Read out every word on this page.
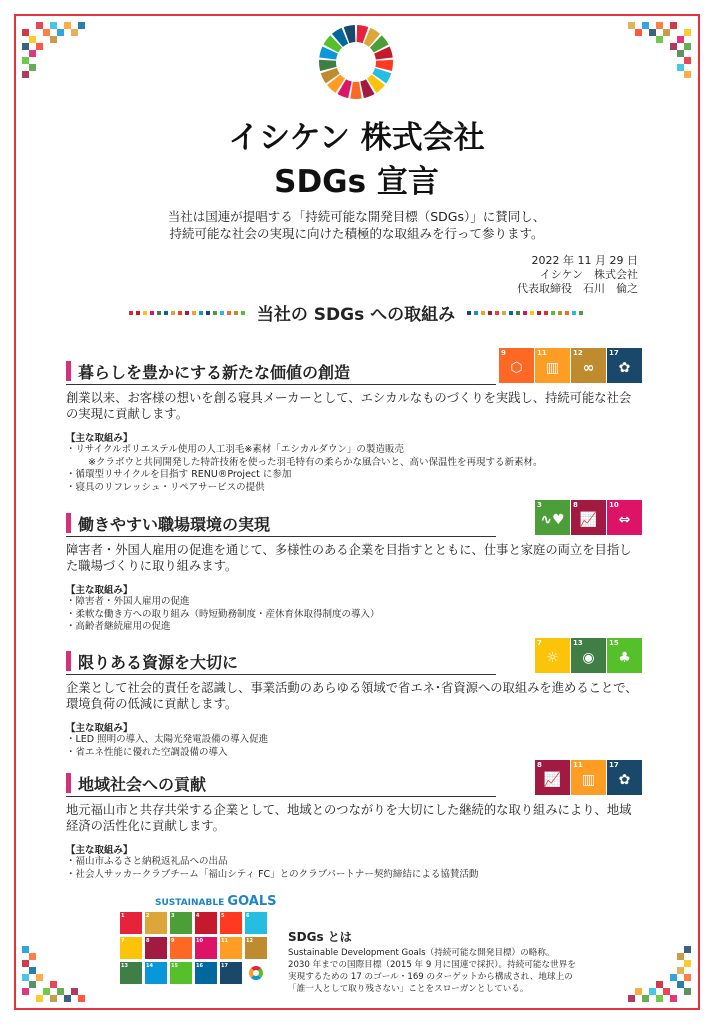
イシケン 株式会社
SDGs 宣言
当社は国連が提唱する「持続可能な開発目標（SDGs）」に賛同し、
持続可能な社会の実現に向けた積極的な取組みを行って参ります。
2022 年 11 月 29 日
イシケン　株式会社
代表取締役　石川　倫之
当社の SDGs への取組み
暮らしを豊かにする新たな価値の創造
9
⬡
11
▥
12
∞
17
✿
創業以来、お客様の想いを創る寝具メーカーとして、エシカルなものづくりを実践し、持続可能な社会の実現に貢献します。
【主な取組み】
・リサイクルポリエステル使用の人工羽毛※素材「エシカルダウン」の製造販売
※クラボウと共同開発した特許技術を使った羽毛特有の柔らかな風合いと、高い保温性を再現する新素材。
・循環型リサイクルを目指す RENU®Project に参加
・寝具のリフレッシュ・リペアサービスの提供
働きやすい職場環境の実現
3
∿♥
8
📈
10
⇔
障害者・外国人雇用の促進を通じて、多様性のある企業を目指すとともに、仕事と家庭の両立を目指した職場づくりに取り組みます。
【主な取組み】
・障害者・外国人雇用の促進
・柔軟な働き方への取り組み（時短勤務制度・産休育休取得制度の導入）
・高齢者継続雇用の促進
限りある資源を大切に
7
☼
13
◉
15
♣
企業として社会的責任を認識し、事業活動のあらゆる領域で省エネ･省資源への取組みを進めることで、環境負荷の低減に貢献します。
【主な取組み】
・LED 照明の導入、太陽光発電設備の導入促進
・省エネ性能に優れた空調設備の導入
地域社会への貢献
8
📈
11
▥
17
✿
地元福山市と共存共栄する企業として、地域とのつながりを大切にした継続的な取り組みにより、地域経済の活性化に貢献します。
【主な取組み】
・福山市ふるさと納税返礼品への出品
・社会人サッカークラブチーム「福山シティ FC」とのクラブパートナー契約締結による協賛活動
SUSTAINABLE GOALS
1	2	3	4	5	6
7	8	9	10	11	12
13	14	15	16	17
SDGs とは

Sustainable Development Goals（持続可能な開発目標）の略称。
2030 年までの国際目標（2015 年 9 月に国連で採択）。持続可能な世界を
実現するための 17 のゴール・169 のターゲットから構成され、地球上の
「誰一人として取り残さない」ことをスローガンとしている。
